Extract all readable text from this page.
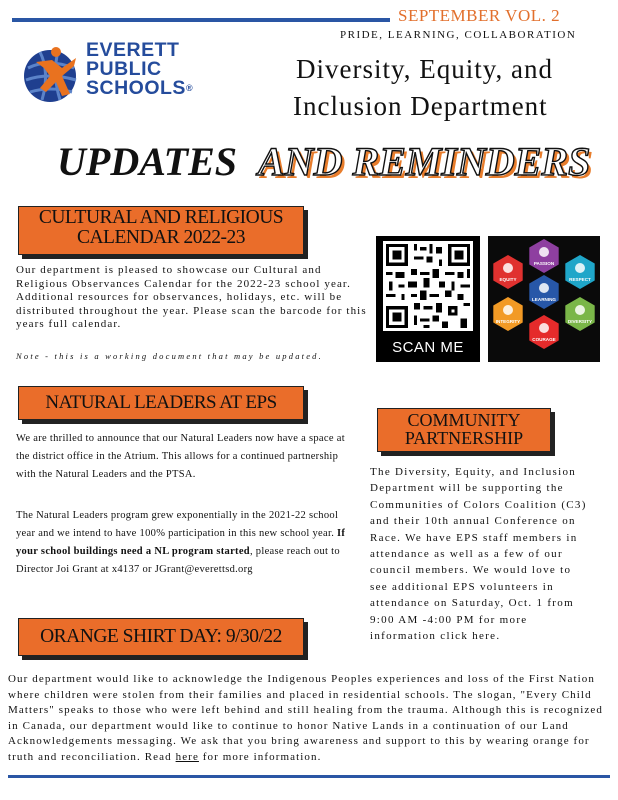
SEPTEMBER VOL. 2
PRIDE, LEARNING, COLLABORATION
EVERETT
PUBLIC
SCHOOLS®
Diversity, Equity, and
Inclusion Department
UPDATES AND REMINDERS
CULTURAL AND RELIGIOUS
CALENDAR 2022-23
Our department is pleased to showcase our Cultural and Religious Observances Calendar for the 2022-23 school year. Additional resources for observances, holidays, etc. will be distributed throughout the year. Please scan the barcode for this years full calendar.
Note - this is a working document that may be updated.	SCAN ME
EQUITY
PASSION
RESPECT
LEARNING
INTEGRITY
COURAGE
DIVERSITY
NATURAL LEADERS AT EPS
We are thrilled to announce that our Natural Leaders now have a space at the district office in the Atrium. This allows for a continued partnership with the Natural Leaders and the PTSA.
The Natural Leaders program grew exponentially in the 2021-22 school year and we intend to have 100% participation in this new school year. If your school buildings need a NL program started, please reach out to Director Joi Grant at x4137 or JGrant@everettsd.org
COMMUNITY
PARTNERSHIP
The Diversity, Equity, and Inclusion Department will be supporting the Communities of Colors Coalition (C3) and their 10th annual Conference on Race. We have EPS staff members in attendance as well as a few of our council members. We would love to see additional EPS volunteers in attendance on Saturday, Oct. 1 from 9:00 AM -4:00 PM for more information click here.
ORANGE SHIRT DAY: 9/30/22
Our department would like to acknowledge the Indigenous Peoples experiences and loss of the First Nation where children were stolen from their families and placed in residential schools. The slogan, "Every Child Matters" speaks to those who were left behind and still healing from the trauma. Although this is recognized in Canada, our department would like to continue to honor Native Lands in a continuation of our Land Acknowledgements messaging. We ask that you bring awareness and support to this by wearing orange for truth and reconciliation. Read here for more information.
